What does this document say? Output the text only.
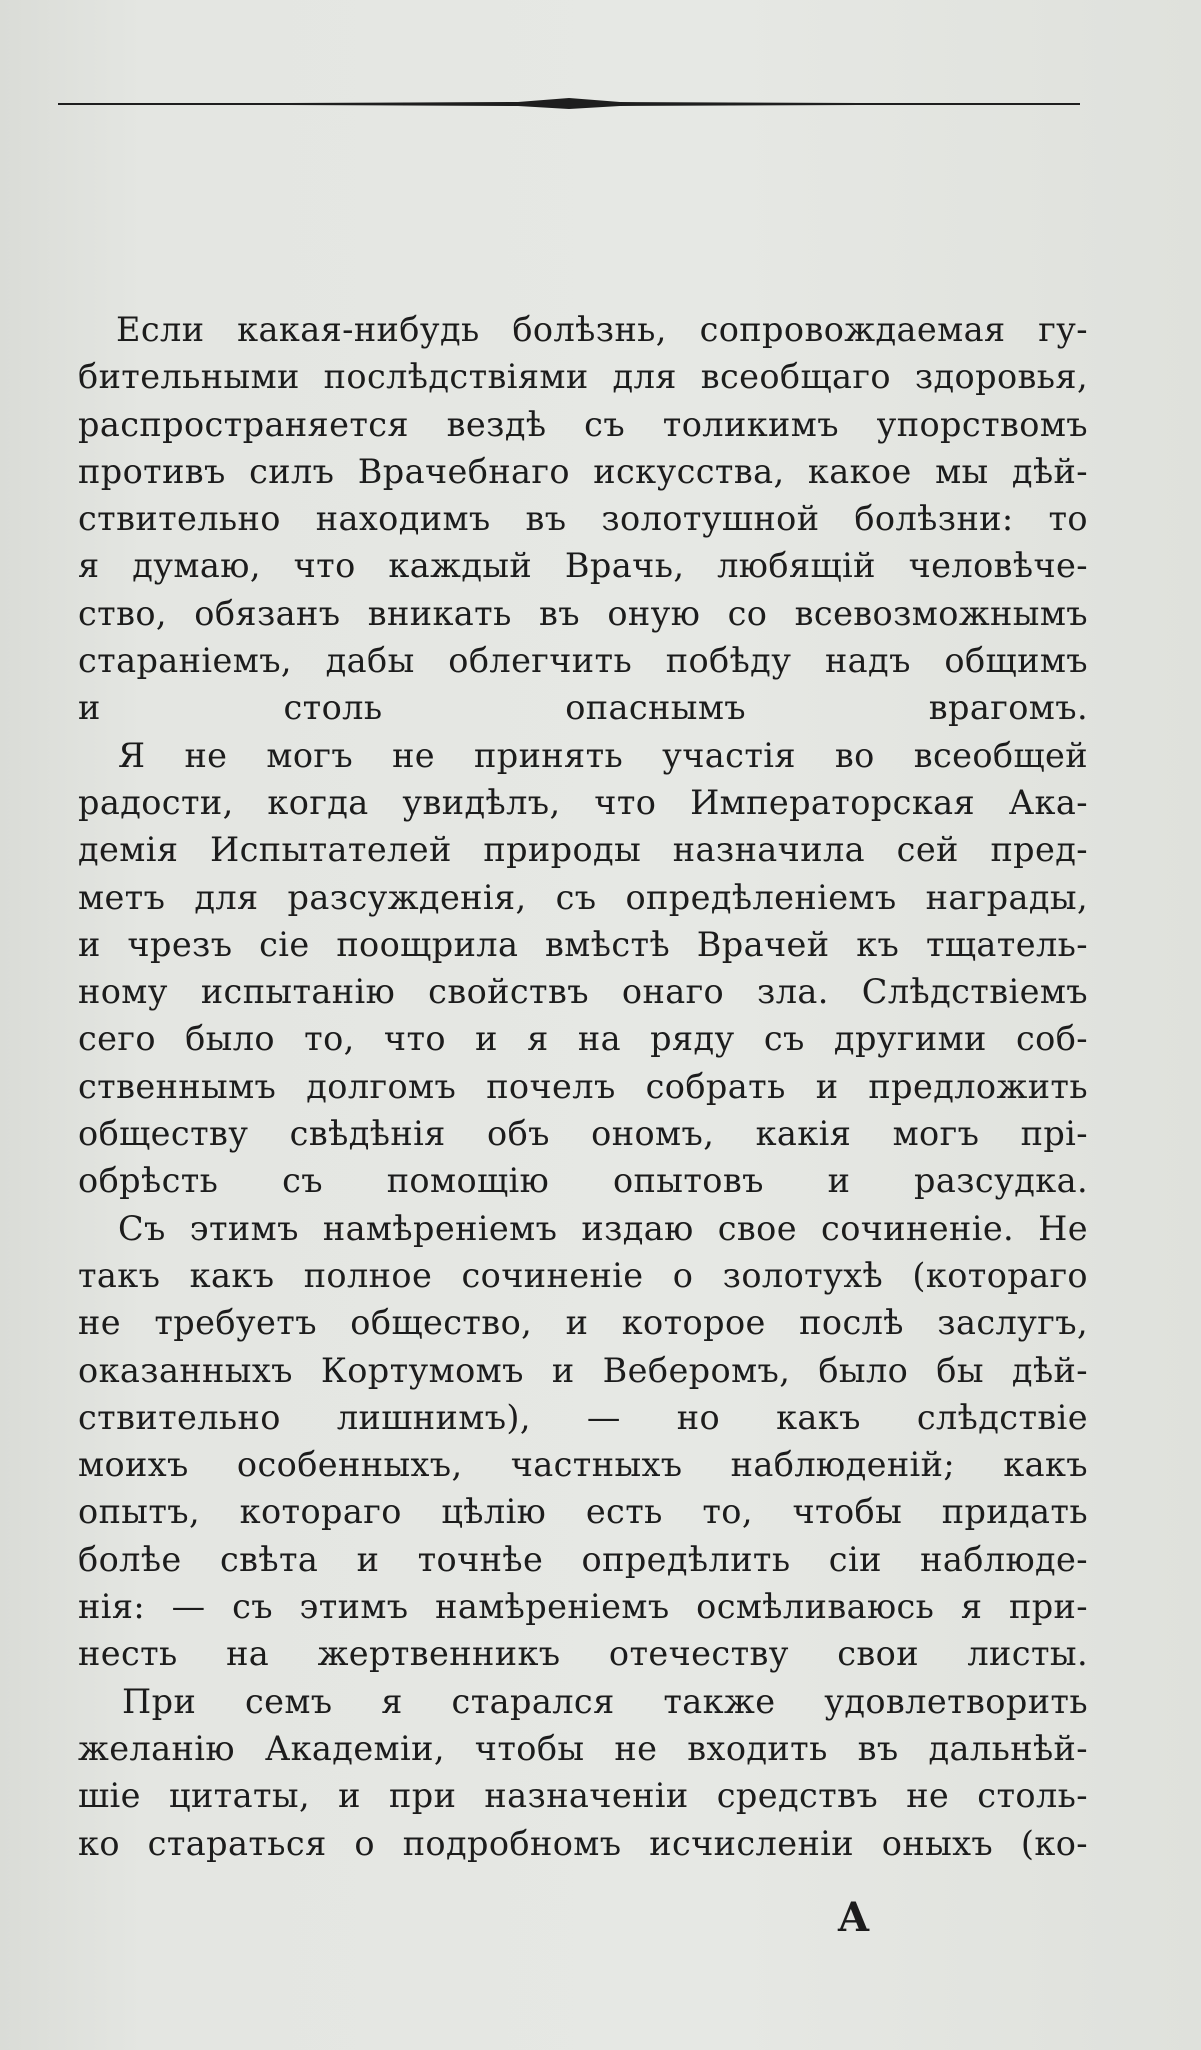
Если какая-нибудь болѣзнь, сопровождаемая гу-
бительными послѣдствіями для всеобщаго здоровья,
распространяется вездѣ съ толикимъ упорствомъ
противъ силъ Врачебнаго искусства, какое мы дѣй-
ствительно находимъ въ золотушной болѣзни: то
я думаю, что каждый Врачь, любящій человѣче-
ство, обязанъ вникать въ оную со всевозможнымъ
стараніемъ, дабы облегчить побѣду надъ общимъ
и столь опаснымъ врагомъ.

Я не могъ не принять участія во всеобщей
радости, когда увидѣлъ, что Императорская Ака-
демія Испытателей природы назначила сей пред-
метъ для разсужденія, съ опредѣленіемъ награды,
и чрезъ сіе поощрила вмѣстѣ Врачей къ тщатель-
ному испытанію свойствъ онаго зла. Слѣдствіемъ
сего было то, что и я на ряду съ другими соб-
ственнымъ долгомъ почелъ собрать и предложить
обществу свѣдѣнія объ ономъ, какія могъ прі-
обрѣсть съ помощію опытовъ и разсудка.

Съ этимъ намѣреніемъ издаю свое сочиненіе. Не
такъ какъ полное сочиненіе о золотухѣ (котораго
не требуетъ общество, и которое послѣ заслугъ,
оказанныхъ Кортумомъ и Веберомъ, было бы дѣй-
ствительно лишнимъ), — но какъ слѣдствіе
моихъ особенныхъ, частныхъ наблюденій; какъ
опытъ, котораго цѣлію есть то, чтобы придать
болѣе свѣта и точнѣе опредѣлить сіи наблюде-
нія: — съ этимъ намѣреніемъ осмѣливаюсь я при-
несть на жертвенникъ отечеству свои листы.

При семъ я старался также удовлетворить
желанію Академіи, чтобы не входить въ дальнѣй-
шіе цитаты, и при назначеніи средствъ не столь-
ко стараться о подробномъ исчисленіи оныхъ (ко-

A
